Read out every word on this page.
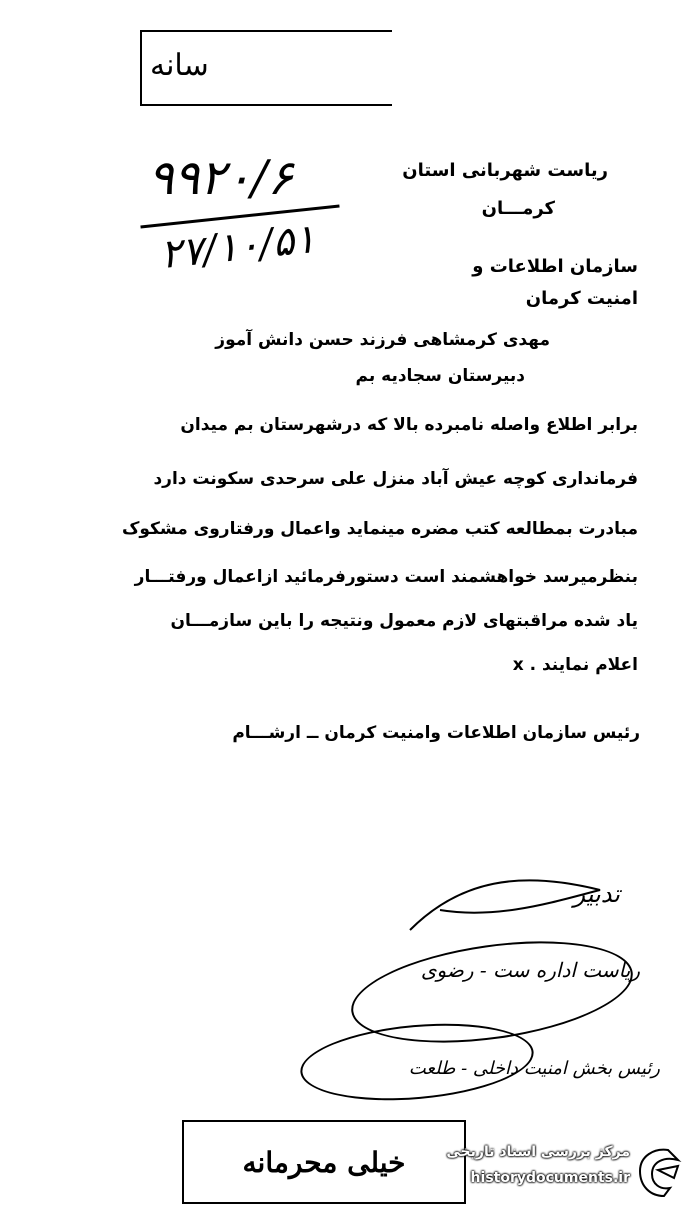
سانه
۹۹۲۰/۶
۲۷/۱۰/۵۱
ریاست شهربانی استان
کرمـــان
سازمان اطلاعات و
امنیت کرمان
مهدی کرمشاهی فرزند حسن دانش آموز
دبیرستان سجادیه بم
برابر اطلاع واصله نامبرده بالا که درشهرستان بم میدان
فرمانداری کوچه عیش آباد منزل علی سرحدی سکونت دارد
مبادرت بمطالعه کتب مضره مینماید واعمال ورفتاروی مشکوک
بنظرمیرسد خواهشمند است دستورفرمائید ازاعمال ورفتـــار
یاد شده مراقبتهای لازم معمول ونتیجه را باین سازمـــان
اعلام نمایند . x
رئیس سازمان اطلاعات وامنیت کرمان ــ ارشـــام
تدبیر
ریاست اداره ست - رضوی
رئیس بخش امنیت داخلی - طلعت
خیلی محرمانه	مرکز بررسی اسناد تاریخی
historydocuments.ir
